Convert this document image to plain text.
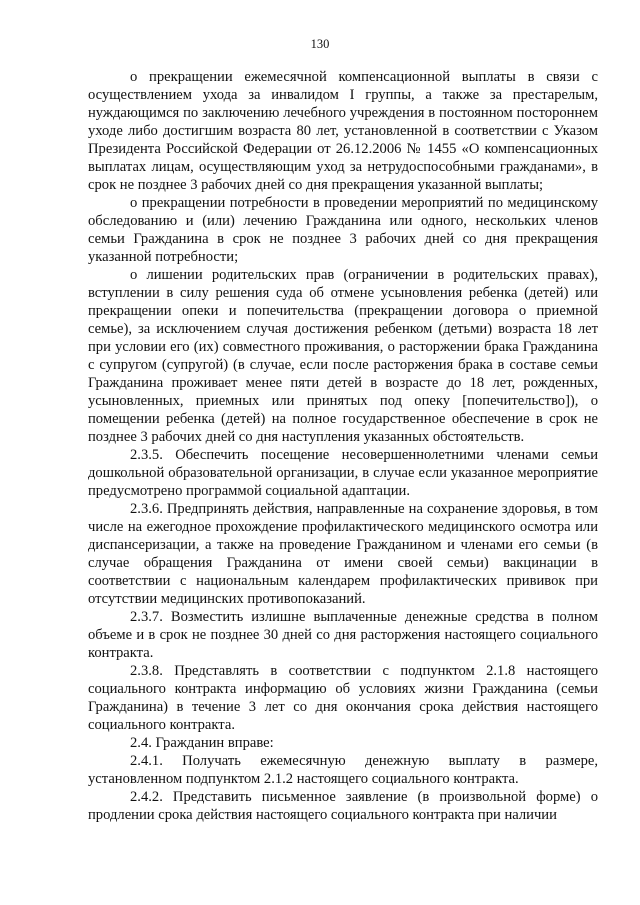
130

о прекращении ежемесячной компенсационной выплаты в связи с осуществлением ухода за инвалидом I группы, а также за престарелым, нуждающимся по заключению лечебного учреждения в постоянном постороннем уходе либо достигшим возраста 80 лет, установленной в соответствии с Указом Президента Российской Федерации от 26.12.2006 № 1455 «О компенсационных выплатах лицам, осуществляющим уход за нетрудоспособными гражданами», в срок не позднее 3 рабочих дней со дня прекращения указанной выплаты;

о прекращении потребности в проведении мероприятий по медицинскому обследованию и (или) лечению Гражданина или одного, нескольких членов семьи Гражданина в срок не позднее 3 рабочих дней со дня прекращения указанной потребности;

о лишении родительских прав (ограничении в родительских правах), вступлении в силу решения суда об отмене усыновления ребенка (детей) или прекращении опеки и попечительства (прекращении договора о приемной семье), за исключением случая достижения ребенком (детьми) возраста 18 лет при условии его (их) совместного проживания, о расторжении брака Гражданина с супругом (супругой) (в случае, если после расторжения брака в составе семьи Гражданина проживает менее пяти детей в возрасте до 18 лет, рожденных, усыновленных, приемных или принятых под опеку [попечительство]), о помещении ребенка (детей) на полное государственное обеспечение в срок не позднее 3 рабочих дней со дня наступления указанных обстоятельств.

2.3.5. Обеспечить посещение несовершеннолетними членами семьи дошкольной образовательной организации, в случае если указанное мероприятие предусмотрено программой социальной адаптации.

2.3.6. Предпринять действия, направленные на сохранение здоровья, в том числе на ежегодное прохождение профилактического медицинского осмотра или диспансеризации, а также на проведение Гражданином и членами его семьи (в случае обращения Гражданина от имени своей семьи) вакцинации в соответствии с национальным календарем профилактических прививок при отсутствии медицинских противопоказаний.

2.3.7. Возместить излишне выплаченные денежные средства в полном объеме и в срок не позднее 30 дней со дня расторжения настоящего социального контракта.

2.3.8. Представлять в соответствии с подпунктом 2.1.8 настоящего социального контракта информацию об условиях жизни Гражданина (семьи Гражданина) в течение 3 лет со дня окончания срока действия настоящего социального контракта.

2.4. Гражданин вправе:

2.4.1. Получать ежемесячную денежную выплату в размере, установленном подпунктом 2.1.2 настоящего социального контракта.

2.4.2. Представить письменное заявление (в произвольной форме) о продлении срока действия настоящего социального контракта при наличии
